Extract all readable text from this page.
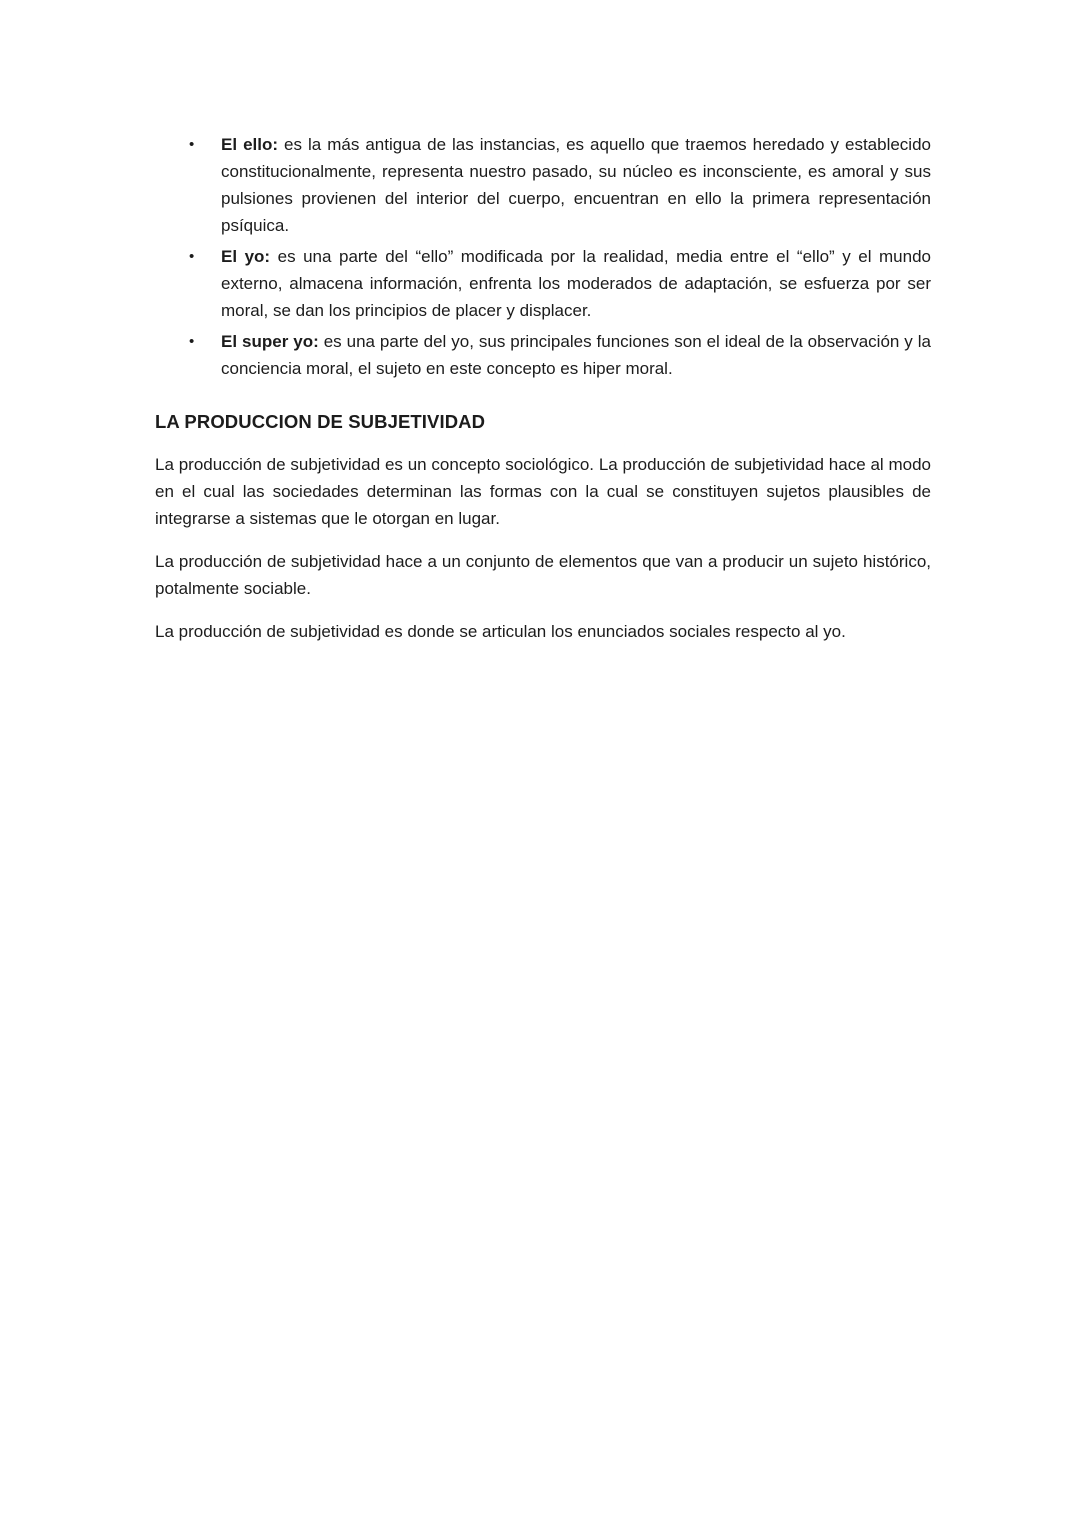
• El ello: es la más antigua de las instancias, es aquello que traemos heredado y establecido constitucionalmente, representa nuestro pasado, su núcleo es inconsciente, es amoral y sus pulsiones provienen del interior del cuerpo, encuentran en ello la primera representación psíquica.
• El yo: es una parte del “ello” modificada por la realidad, media entre el “ello” y el mundo externo, almacena información, enfrenta los moderados de adaptación, se esfuerza por ser moral, se dan los principios de placer y displacer.
• El super yo: es una parte del yo, sus principales funciones son el ideal de la observación y la conciencia moral, el sujeto en este concepto es hiper moral.
LA PRODUCCION DE SUBJETIVIDAD

La producción de subjetividad es un concepto sociológico. La producción de subjetividad hace al modo en el cual las sociedades determinan las formas con la cual se constituyen sujetos plausibles de integrarse a sistemas que le otorgan en lugar.

La producción de subjetividad hace a un conjunto de elementos que van a producir un sujeto histórico, potalmente sociable.

La producción de subjetividad es donde se articulan los enunciados sociales respecto al yo.
